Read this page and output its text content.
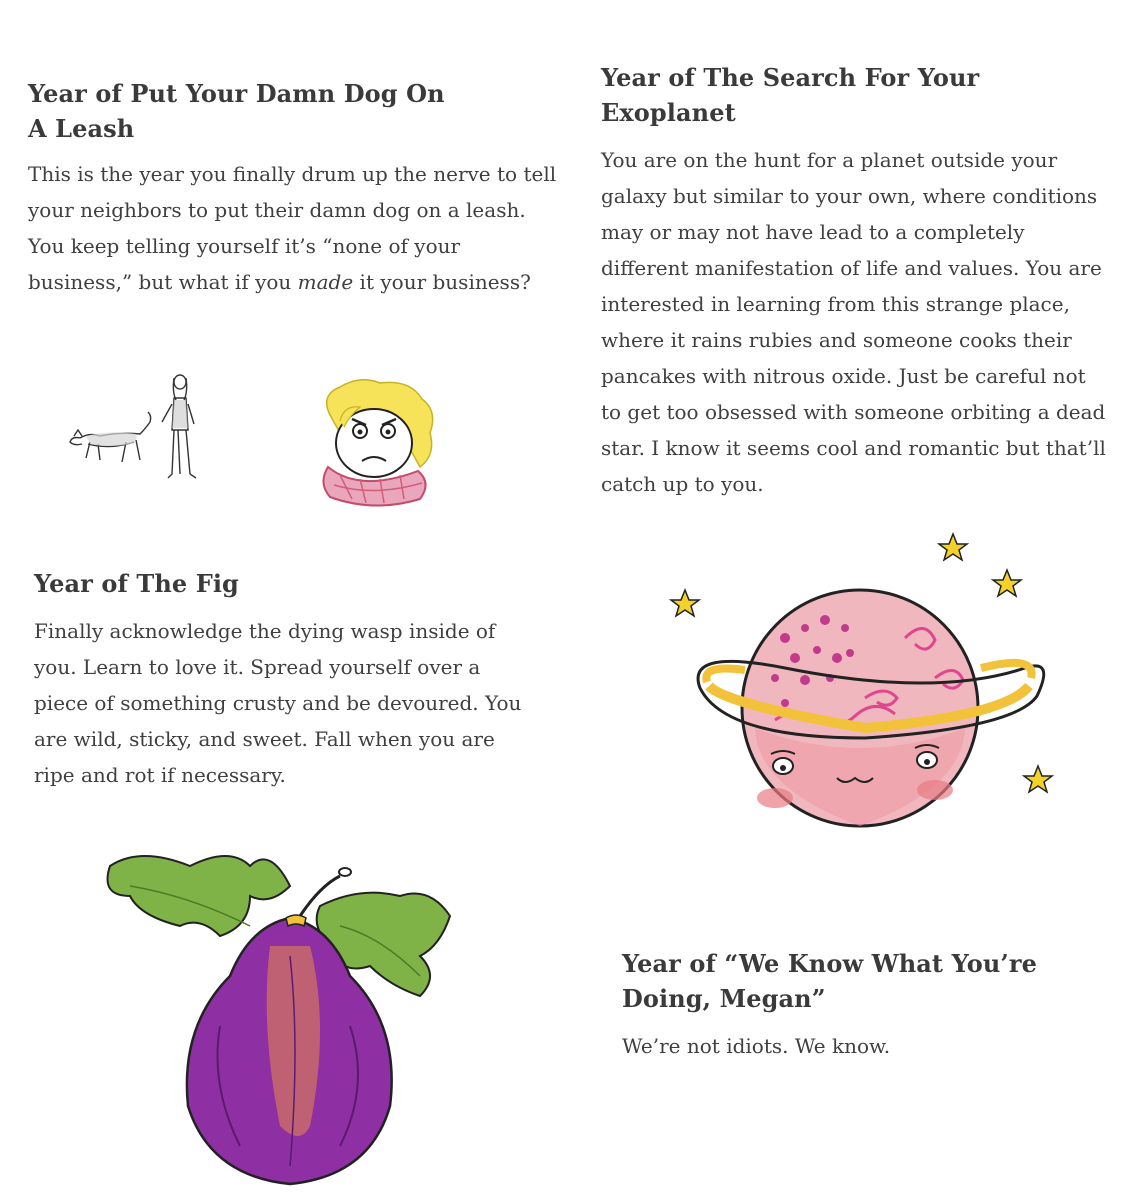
Year of Put Your Damn Dog On
A Leash

This is the year you finally drum up the nerve to tell your neighbors to put their damn dog on a leash. You keep telling yourself it’s “none of your business,” but what if you made it your business?

Year of The Search For Your Exoplanet

You are on the hunt for a planet outside your galaxy but similar to your own, where conditions may or may not have lead to a completely different manifestation of life and values. You are interested in learning from this strange place, where it rains rubies and someone cooks their pancakes with nitrous oxide. Just be careful not to get too obsessed with someone orbiting a dead star. I know it seems cool and romantic but that’ll catch up to you.

Year of The Fig

Finally acknowledge the dying wasp inside of you. Learn to love it. Spread yourself over a piece of something crusty and be devoured. You are wild, sticky, and sweet. Fall when you are ripe and rot if necessary.

Year of “We Know What You’re
Doing, Megan”

We’re not idiots. We know.
